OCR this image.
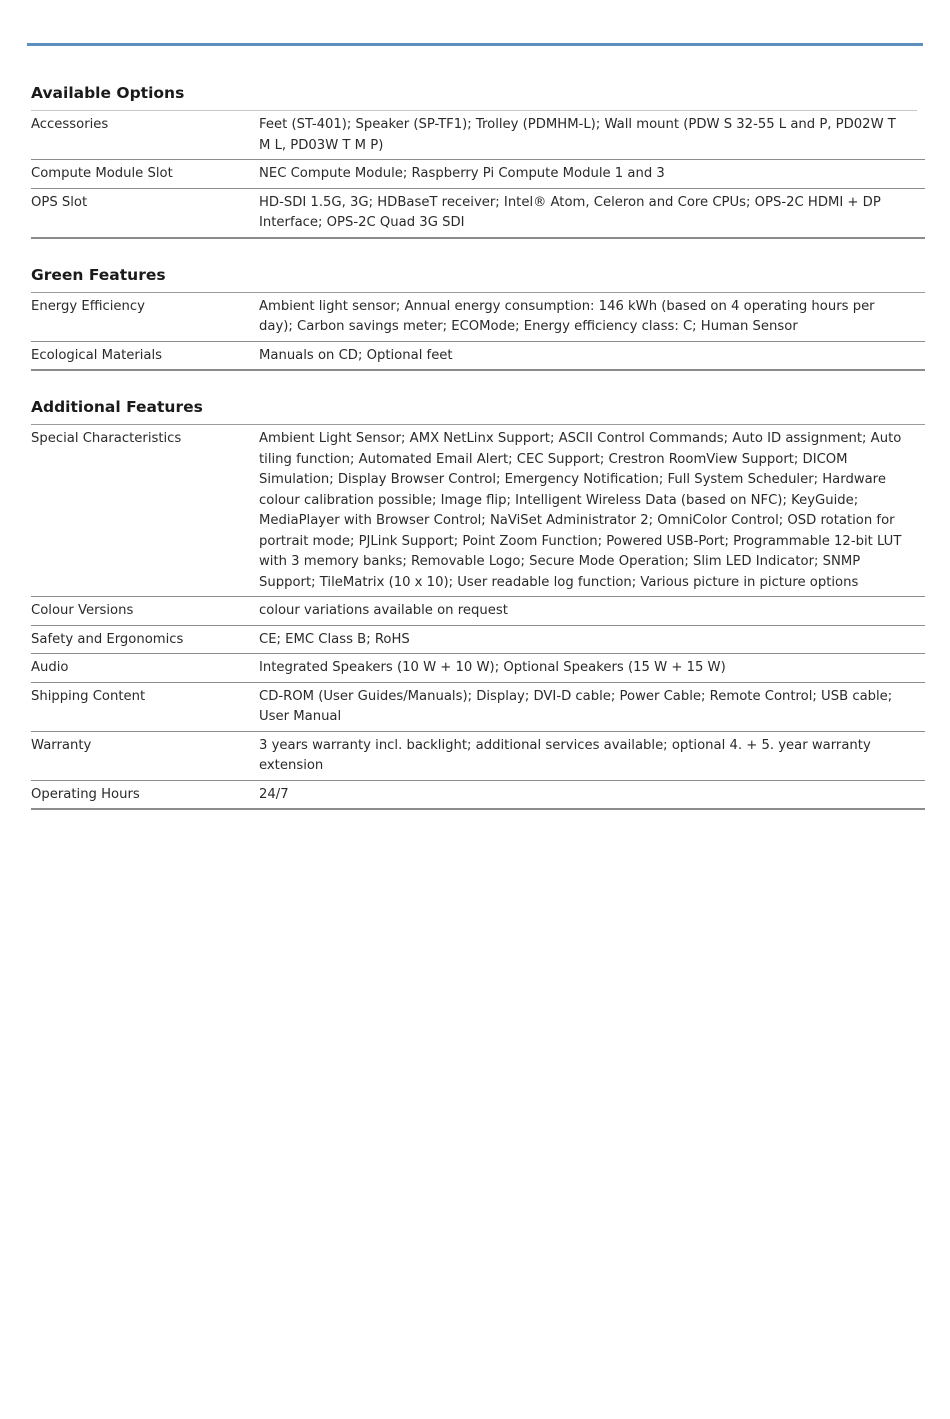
Available Options
Accessories	Feet (ST-401); Speaker (SP-TF1); Trolley (PDMHM-L); Wall mount (PDW S 32-55 L and P, PD02W T M L, PD03W T M P)
Compute Module Slot	NEC Compute Module; Raspberry Pi Compute Module 1 and 3
OPS Slot	HD-SDI 1.5G, 3G; HDBaseT receiver; Intel® Atom, Celeron and Core CPUs; OPS-2C HDMI + DP Interface; OPS-2C Quad 3G SDI
Green Features
Energy Efficiency	Ambient light sensor; Annual energy consumption: 146 kWh (based on 4 operating hours per day); Carbon savings meter; ECOMode; Energy efficiency class: C; Human Sensor
Ecological Materials	Manuals on CD; Optional feet
Additional Features
Special Characteristics	Ambient Light Sensor; AMX NetLinx Support; ASCII Control Commands; Auto ID assignment; Auto tiling function; Automated Email Alert; CEC Support; Crestron RoomView Support; DICOM Simulation; Display Browser Control; Emergency Notification; Full System Scheduler; Hardware colour calibration possible; Image flip; Intelligent Wireless Data (based on NFC); KeyGuide; MediaPlayer with Browser Control; NaViSet Administrator 2; OmniColor Control; OSD rotation for portrait mode; PJLink Support; Point Zoom Function; Powered USB-Port; Programmable 12-bit LUT with 3 memory banks; Removable Logo; Secure Mode Operation; Slim LED Indicator; SNMP Support; TileMatrix (10 x 10); User readable log function; Various picture in picture options
Colour Versions	colour variations available on request
Safety and Ergonomics	CE; EMC Class B; RoHS
Audio	Integrated Speakers (10 W + 10 W); Optional Speakers (15 W + 15 W)
Shipping Content	CD-ROM (User Guides/Manuals); Display; DVI-D cable; Power Cable; Remote Control; USB cable; User Manual
Warranty	3 years warranty incl. backlight; additional services available; optional 4. + 5. year warranty extension
Operating Hours	24/7
